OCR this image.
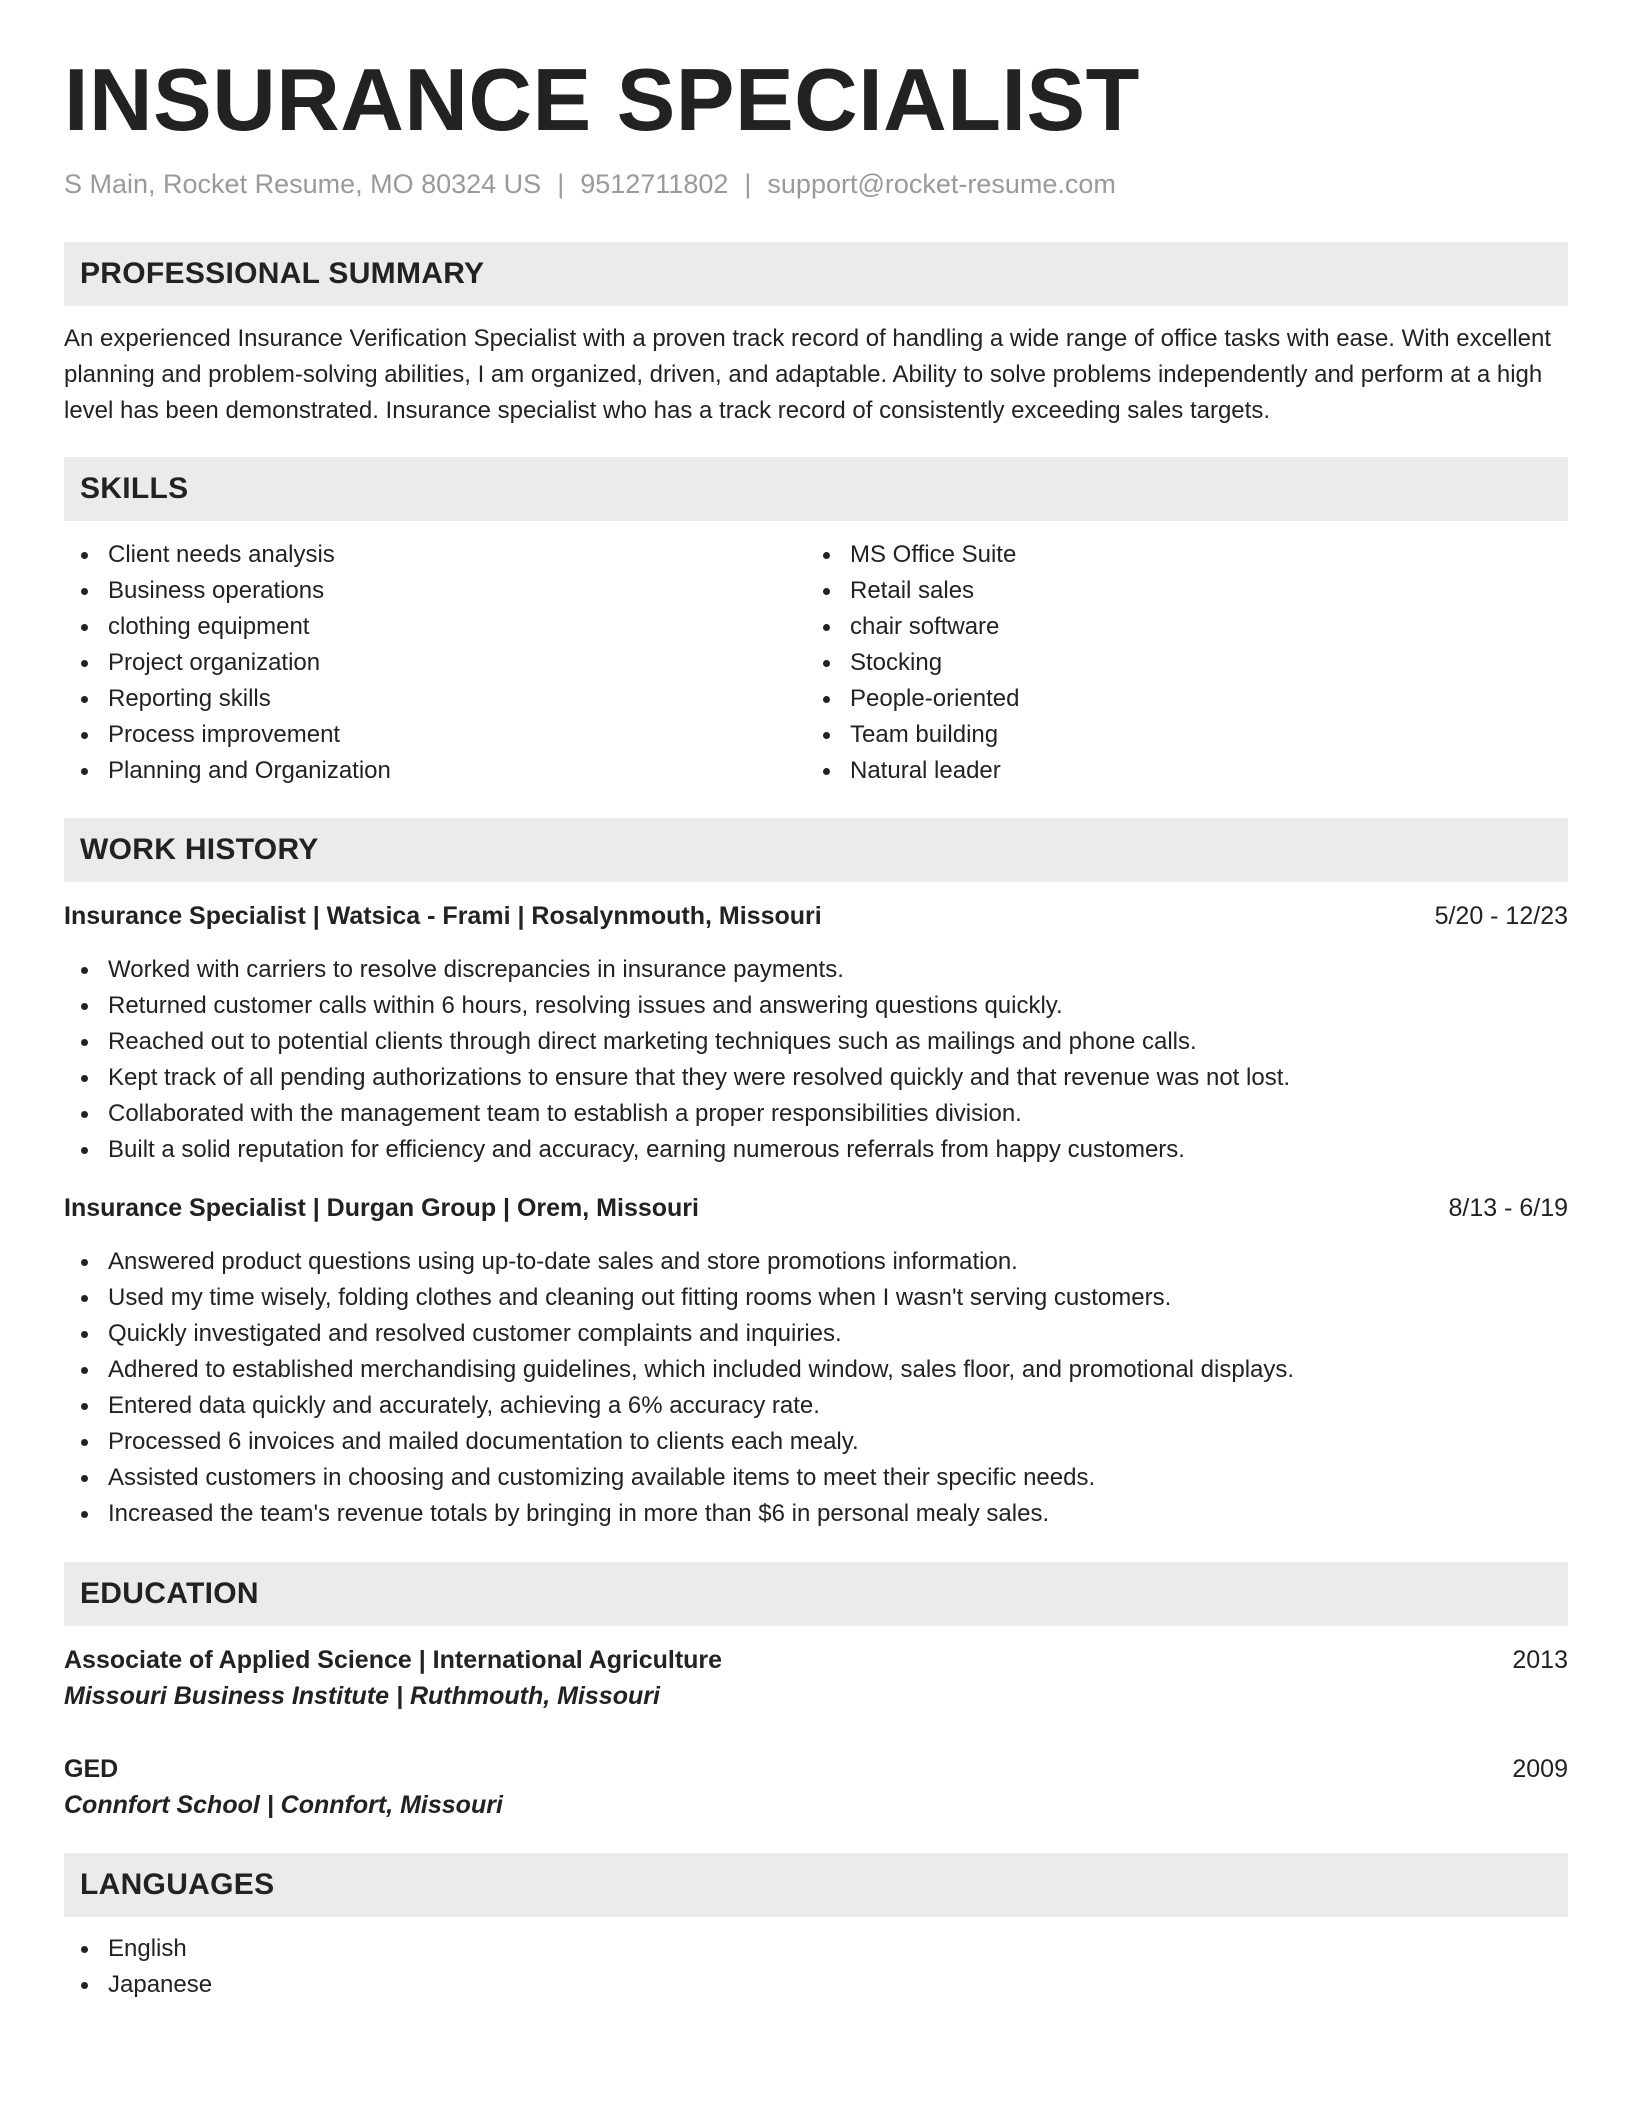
INSURANCE SPECIALIST
S Main, Rocket Resume, MO 80324 US | 9512711802 | support@rocket-resume.com
PROFESSIONAL SUMMARY

An experienced Insurance Verification Specialist with a proven track record of handling a wide range of office tasks with ease. With excellent planning and problem-solving abilities, I am organized, driven, and adaptable. Ability to solve problems independently and perform at a high level has been demonstrated. Insurance specialist who has a track record of consistently exceeding sales targets.

SKILLS
Client needs analysis
Business operations
clothing equipment
Project organization
Reporting skills
Process improvement
Planning and Organization
MS Office Suite
Retail sales
chair software
Stocking
People-oriented
Team building
Natural leader
WORK HISTORY
Insurance Specialist | Watsica - Frami | Rosalynmouth, Missouri	5/20 - 12/23
Worked with carriers to resolve discrepancies in insurance payments.
Returned customer calls within 6 hours, resolving issues and answering questions quickly.
Reached out to potential clients through direct marketing techniques such as mailings and phone calls.
Kept track of all pending authorizations to ensure that they were resolved quickly and that revenue was not lost.
Collaborated with the management team to establish a proper responsibilities division.
Built a solid reputation for efficiency and accuracy, earning numerous referrals from happy customers.
Insurance Specialist | Durgan Group | Orem, Missouri	8/13 - 6/19
Answered product questions using up-to-date sales and store promotions information.
Used my time wisely, folding clothes and cleaning out fitting rooms when I wasn't serving customers.
Quickly investigated and resolved customer complaints and inquiries.
Adhered to established merchandising guidelines, which included window, sales floor, and promotional displays.
Entered data quickly and accurately, achieving a 6% accuracy rate.
Processed 6 invoices and mailed documentation to clients each mealy.
Assisted customers in choosing and customizing available items to meet their specific needs.
Increased the team's revenue totals by bringing in more than $6 in personal mealy sales.
EDUCATION
Associate of Applied Science | International Agriculture	2013
Missouri Business Institute | Ruthmouth, Missouri
GED	2009
Connfort School | Connfort, Missouri
LANGUAGES
English
Japanese
